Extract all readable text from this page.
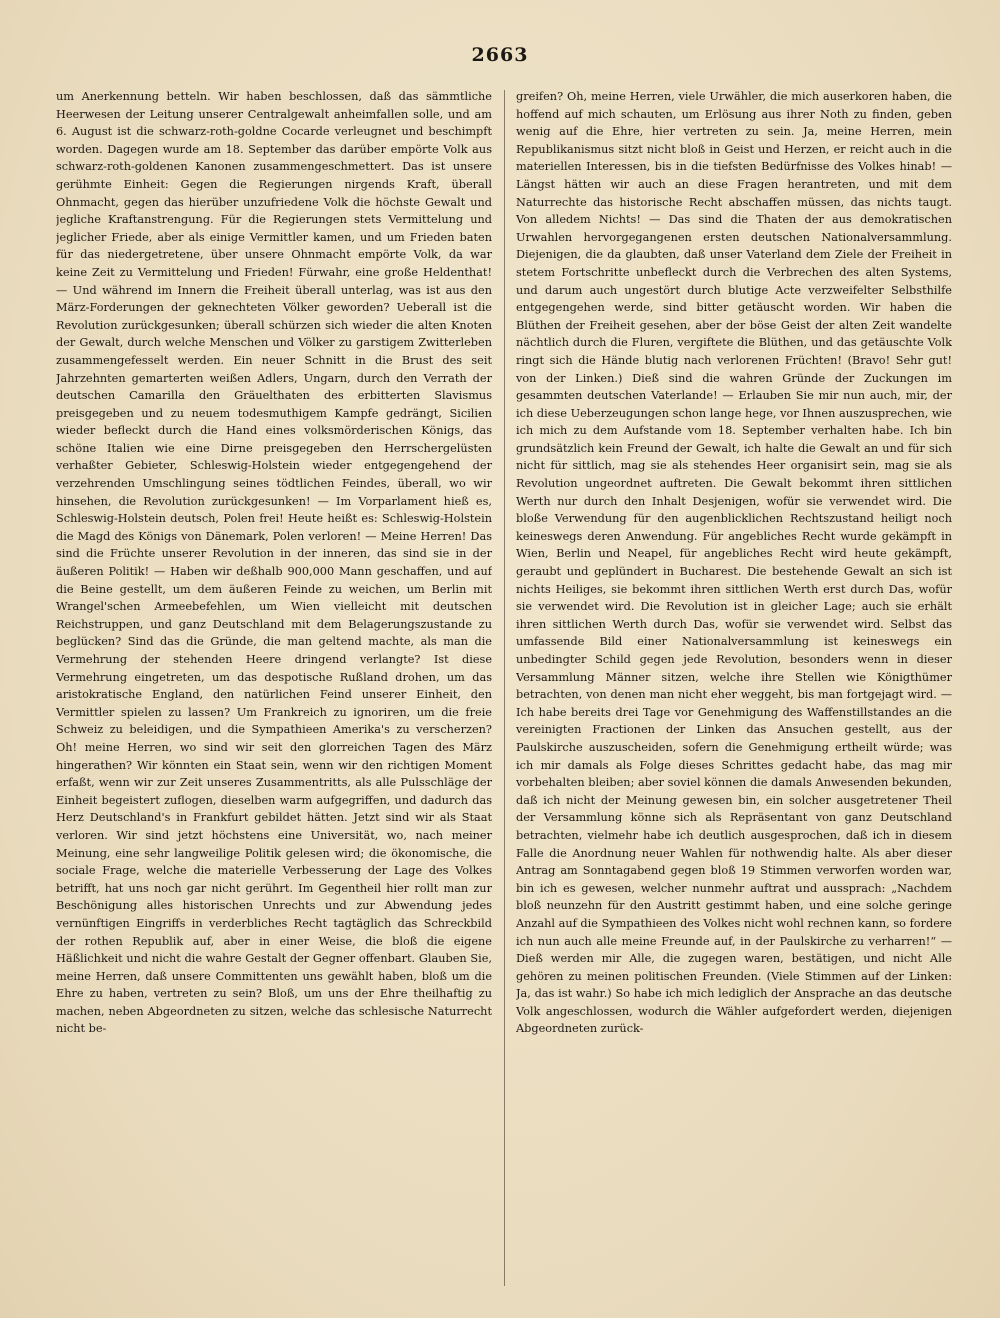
2663
um Anerkennung betteln. Wir haben beschlossen, daß das sämmtliche Heerwesen der Leitung unserer Centralgewalt anheimfallen solle, und am 6. August ist die schwarz-roth-goldne Cocarde verleugnet und beschimpft worden. Dagegen wurde am 18. September das darüber empörte Volk aus schwarz-roth-goldenen Kanonen zusammengeschmettert. Das ist unsere gerühmte Einheit: Gegen die Regierungen nirgends Kraft, überall Ohnmacht, gegen das hierüber unzufriedene Volk die höchste Gewalt und jegliche Kraftanstrengung. Für die Regierungen stets Vermittelung und jeglicher Friede, aber als einige Vermittler kamen, und um Frieden baten für das niedergetretene, über unsere Ohnmacht empörte Volk, da war keine Zeit zu Vermittelung und Frieden! Fürwahr, eine große Heldenthat! — Und während im Innern die Freiheit überall unterlag, was ist aus den März-Forderungen der geknechteten Völker geworden? Ueberall ist die Revolution zurückgesunken; überall schürzen sich wieder die alten Knoten der Gewalt, durch welche Menschen und Völker zu garstigem Zwitterleben zusammengefesselt werden. Ein neuer Schnitt in die Brust des seit Jahrzehnten gemarterten weißen Adlers, Ungarn, durch den Verrath der deutschen Camarilla den Gräuelthaten des erbitterten Slavismus preisgegeben und zu neuem todesmuthigem Kampfe gedrängt, Sicilien wieder befleckt durch die Hand eines volksmörderischen Königs, das schöne Italien wie eine Dirne preisgegeben den Herrschergelüsten verhaßter Gebieter, Schleswig-Holstein wieder entgegengehend der verzehrenden Umschlingung seines tödtlichen Feindes, überall, wo wir hinsehen, die Revolution zurückgesunken! — Im Vorparlament hieß es, Schleswig-Holstein deutsch, Polen frei! Heute heißt es: Schleswig-Holstein die Magd des Königs von Dänemark, Polen verloren! — Meine Herren! Das sind die Früchte unserer Revolution in der inneren, das sind sie in der äußeren Politik! — Haben wir deßhalb 900,000 Mann geschaffen, und auf die Beine gestellt, um dem äußeren Feinde zu weichen, um Berlin mit Wrangel'schen Armeebefehlen, um Wien vielleicht mit deutschen Reichstruppen, und ganz Deutschland mit dem Belagerungszustande zu beglücken? Sind das die Gründe, die man geltend machte, als man die Vermehrung der stehenden Heere dringend verlangte? Ist diese Vermehrung eingetreten, um das despotische Rußland drohen, um das aristokratische England, den natürlichen Feind unserer Einheit, den Vermittler spielen zu lassen? Um Frankreich zu ignoriren, um die freie Schweiz zu beleidigen, und die Sympathieen Amerika's zu verscherzen? Oh! meine Herren, wo sind wir seit den glorreichen Tagen des März hingerathen? Wir könnten ein Staat sein, wenn wir den richtigen Moment erfaßt, wenn wir zur Zeit unseres Zusammentritts, als alle Pulsschläge der Einheit begeistert zuflogen, dieselben warm aufgegriffen, und dadurch das Herz Deutschland's in Frankfurt gebildet hätten. Jetzt sind wir als Staat verloren. Wir sind jetzt höchstens eine Universität, wo, nach meiner Meinung, eine sehr langweilige Politik gelesen wird; die ökonomische, die sociale Frage, welche die materielle Verbesserung der Lage des Volkes betrifft, hat uns noch gar nicht gerührt. Im Gegentheil hier rollt man zur Beschönigung alles historischen Unrechts und zur Abwendung jedes vernünftigen Eingriffs in verderbliches Recht tagtäglich das Schreckbild der rothen Republik auf, aber in einer Weise, die bloß die eigene Häßlichkeit und nicht die wahre Gestalt der Gegner offenbart. Glauben Sie, meine Herren, daß unsere Committenten uns gewählt haben, bloß um die Ehre zu haben, vertreten zu sein? Bloß, um uns der Ehre theilhaftig zu machen, neben Abgeordneten zu sitzen, welche das schlesische Naturrecht nicht be-
greifen? Oh, meine Herren, viele Urwähler, die mich auserkoren haben, die hoffend auf mich schauten, um Erlösung aus ihrer Noth zu finden, geben wenig auf die Ehre, hier vertreten zu sein. Ja, meine Herren, mein Republikanismus sitzt nicht bloß in Geist und Herzen, er reicht auch in die materiellen Interessen, bis in die tiefsten Bedürfnisse des Volkes hinab! — Längst hätten wir auch an diese Fragen herantreten, und mit dem Naturrechte das historische Recht abschaffen müssen, das nichts taugt. Von alledem Nichts! — Das sind die Thaten der aus demokratischen Urwahlen hervorgegangenen ersten deutschen Nationalversammlung. Diejenigen, die da glaubten, daß unser Vaterland dem Ziele der Freiheit in stetem Fortschritte unbefleckt durch die Verbrechen des alten Systems, und darum auch ungestört durch blutige Acte verzweifelter Selbsthilfe entgegengehen werde, sind bitter getäuscht worden. Wir haben die Blüthen der Freiheit gesehen, aber der böse Geist der alten Zeit wandelte nächtlich durch die Fluren, vergiftete die Blüthen, und das getäuschte Volk ringt sich die Hände blutig nach verlorenen Früchten! (Bravo! Sehr gut! von der Linken.) Dieß sind die wahren Gründe der Zuckungen im gesammten deutschen Vaterlande! — Erlauben Sie mir nun auch, mir, der ich diese Ueberzeugungen schon lange hege, vor Ihnen auszusprechen, wie ich mich zu dem Aufstande vom 18. September verhalten habe. Ich bin grundsätzlich kein Freund der Gewalt, ich halte die Gewalt an und für sich nicht für sittlich, mag sie als stehendes Heer organisirt sein, mag sie als Revolution ungeordnet auftreten. Die Gewalt bekommt ihren sittlichen Werth nur durch den Inhalt Desjenigen, wofür sie verwendet wird. Die bloße Verwendung für den augenblicklichen Rechtszustand heiligt noch keineswegs deren Anwendung. Für angebliches Recht wurde gekämpft in Wien, Berlin und Neapel, für angebliches Recht wird heute gekämpft, geraubt und geplündert in Bucharest. Die bestehende Gewalt an sich ist nichts Heiliges, sie bekommt ihren sittlichen Werth erst durch Das, wofür sie verwendet wird. Die Revolution ist in gleicher Lage; auch sie erhält ihren sittlichen Werth durch Das, wofür sie verwendet wird. Selbst das umfassende Bild einer Nationalversammlung ist keineswegs ein unbedingter Schild gegen jede Revolution, besonders wenn in dieser Versammlung Männer sitzen, welche ihre Stellen wie Königthümer betrachten, von denen man nicht eher weggeht, bis man fortgejagt wird. — Ich habe bereits drei Tage vor Genehmigung des Waffenstillstandes an die vereinigten Fractionen der Linken das Ansuchen gestellt, aus der Paulskirche auszuscheiden, sofern die Genehmigung ertheilt würde; was ich mir damals als Folge dieses Schrittes gedacht habe, das mag mir vorbehalten bleiben; aber soviel können die damals Anwesenden bekunden, daß ich nicht der Meinung gewesen bin, ein solcher ausgetretener Theil der Versammlung könne sich als Repräsentant von ganz Deutschland betrachten, vielmehr habe ich deutlich ausgesprochen, daß ich in diesem Falle die Anordnung neuer Wahlen für nothwendig halte. Als aber dieser Antrag am Sonntagabend gegen bloß 19 Stimmen verworfen worden war, bin ich es gewesen, welcher nunmehr auftrat und aussprach: „Nachdem bloß neunzehn für den Austritt gestimmt haben, und eine solche geringe Anzahl auf die Sympathieen des Volkes nicht wohl rechnen kann, so fordere ich nun auch alle meine Freunde auf, in der Paulskirche zu verharren!“ — Dieß werden mir Alle, die zugegen waren, bestätigen, und nicht Alle gehören zu meinen politischen Freunden. (Viele Stimmen auf der Linken: Ja, das ist wahr.) So habe ich mich lediglich der Ansprache an das deutsche Volk angeschlossen, wodurch die Wähler aufgefordert werden, diejenigen Abgeordneten zurück-
